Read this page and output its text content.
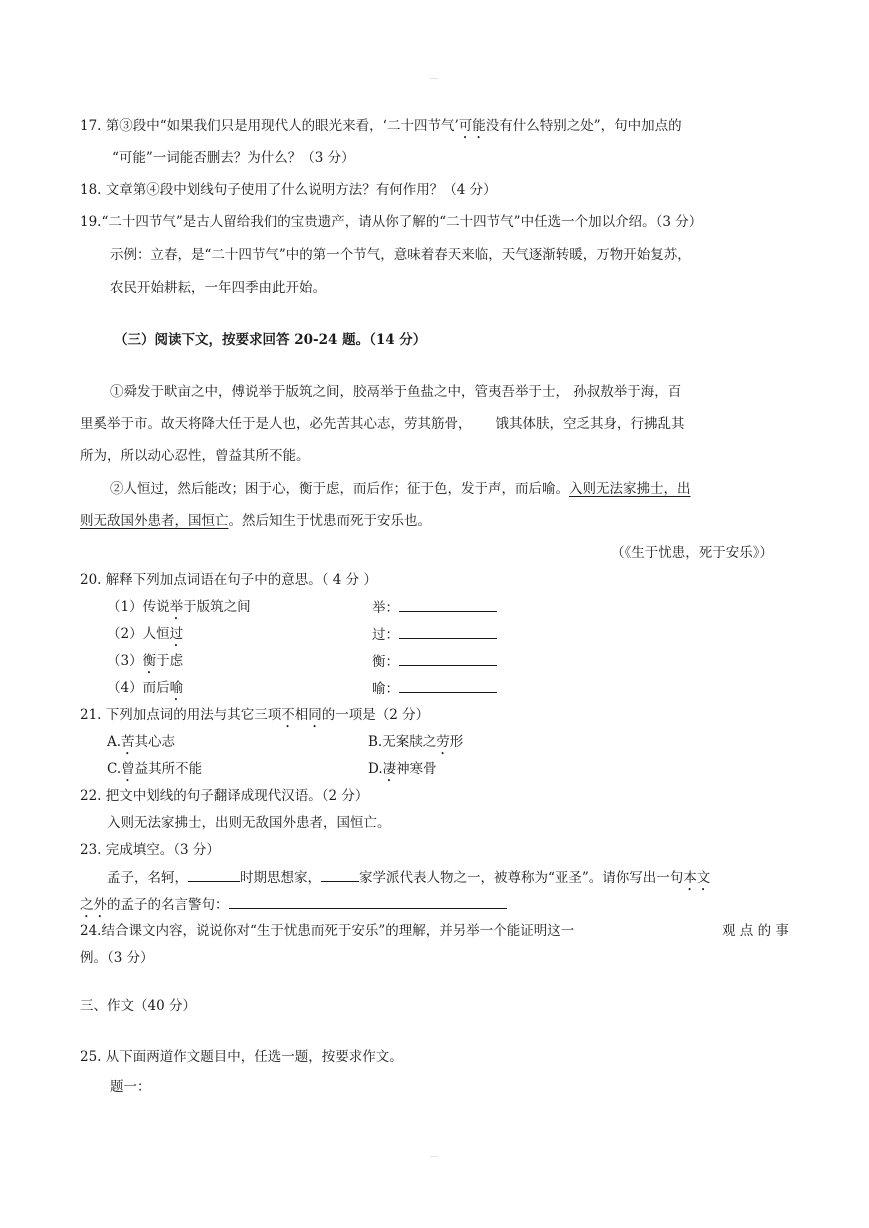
17. 第③段中“如果我们只是用现代人的眼光来看，‘二十四节气’可能没有什么特别之处”，句中加点的
“可能”一词能否删去？为什么？（3 分）
18. 文章第④段中划线句子使用了什么说明方法？有何作用？（4 分）
19.“二十四节气”是古人留给我们的宝贵遗产，请从你了解的“二十四节气”中任选一个加以介绍。（3 分）
示例：立春，是“二十四节气”中的第一个节气，意味着春天来临，天气逐渐转暖，万物开始复苏，
农民开始耕耘，一年四季由此开始。
（三）阅读下文，按要求回答 20-24 题。（14 分）
①舜发于畎亩之中，傅说举于版筑之间，胶鬲举于鱼盐之中，管夷吾举于士， 孙叔敖举于海，百
里奚举于市。故天将降大任于是人也，必先苦其心志，劳其筋骨， 饿其体肤，空乏其身，行拂乱其
所为，所以动心忍性，曾益其所不能。
②人恒过，然后能改；困于心，衡于虑，而后作；征于色，发于声，而后喻。入则无法家拂士，出
则无敌国外患者，国恒亡。然后知生于忧患而死于安乐也。
（《生于忧患，死于安乐》）
20. 解释下列加点词语在句子中的意思。（ 4 分 ）
（1）传说举于版筑之间	举：
（2）人恒过	过：
（3）衡于虑	衡：
（4）而后喻	喻：
21. 下列加点词的用法与其它三项不相同的一项是（2 分）
A.苦其心志	B.无案牍之劳形
C.曾益其所不能	D.凄神寒骨
22. 把文中划线的句子翻译成现代汉语。（2 分）
入则无法家拂士，出则无敌国外患者，国恒亡。
23. 完成填空。（3 分）
孟子，名轲，	时期思想家，	家学派代表人物之一，被尊称为“亚圣”。请你写出一句本文
之外的孟子的名言警句：
24.结合课文内容，说说你对“生于忧患而死于安乐”的理解，并另举一个能证明这一	观 点 的 事
例。（3 分）
三、作文（40 分）
25. 从下面两道作文题目中，任选一题，按要求作文。
题一：
